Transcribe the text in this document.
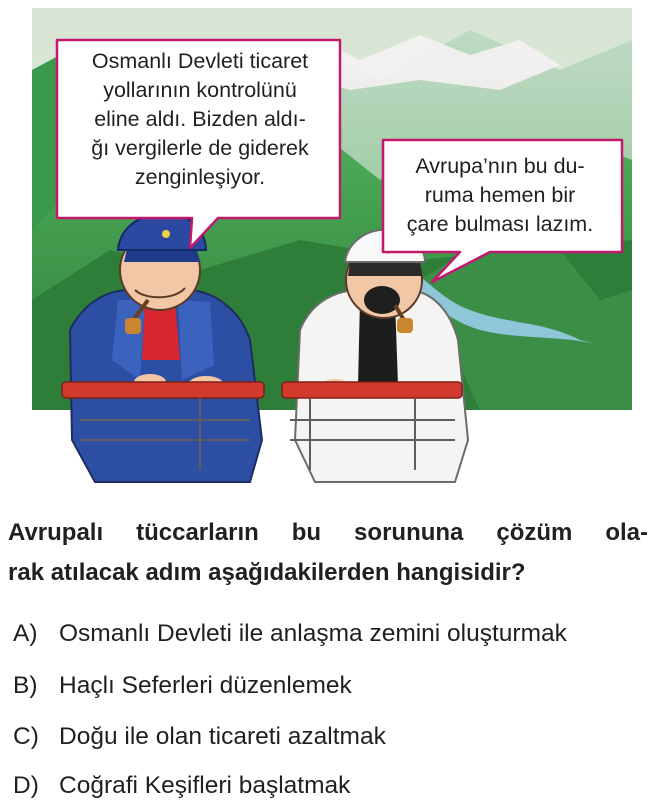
Osmanlı Devleti ticaret
yollarının kontrolünü
eline aldı. Bizden aldı-
ğı vergilerle de giderek
zenginleşiyor.	Avrupa’nın bu du-
ruma hemen bir
çare bulması lazım.
Avrupalı tüccarların bu sorununa çözüm ola-
rak atılacak adım aşağıdakilerden hangisidir?
A) Osmanlı Devleti ile anlaşma zemini oluşturmak
B) Haçlı Seferleri düzenlemek
C) Doğu ile olan ticareti azaltmak
D) Coğrafi Keşifleri başlatmak
